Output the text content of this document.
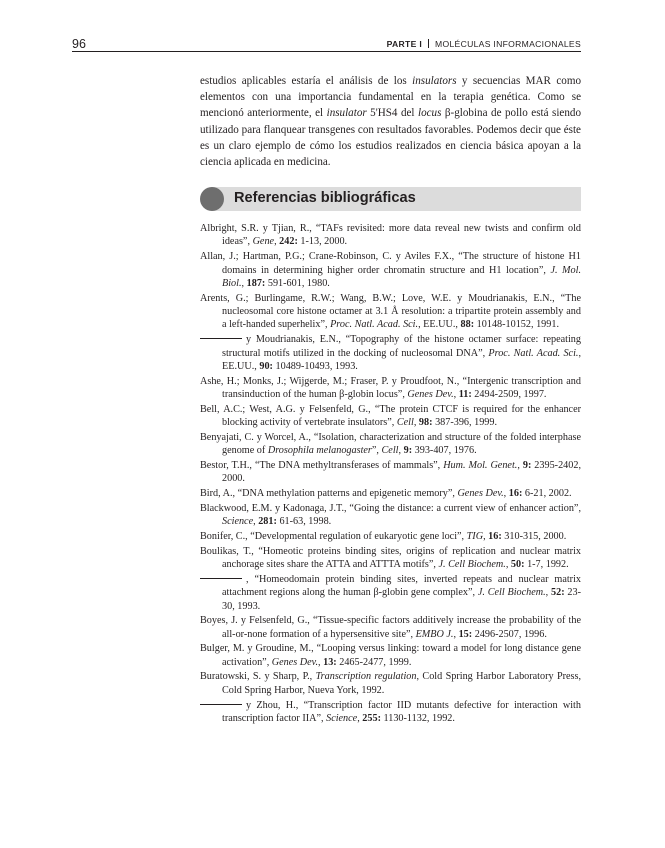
96	PARTE I MOLÉCULAS INFORMACIONALES

estudios aplicables estaría el análisis de los insulators y secuencias MAR como elementos con una importancia fundamental en la terapia genética. Como se mencionó anteriormente, el insulator 5'HS4 del locus β-globina de pollo está siendo utilizado para flanquear transgenes con resultados favorables. Podemos decir que éste es un claro ejemplo de cómo los estudios realizados en ciencia básica apoyan a la ciencia aplicada en medicina.

Referencias bibliográficas
Albright, S.R. y Tjian, R., “TAFs revisited: more data reveal new twists and confirm old ideas”, Gene, 242: 1-13, 2000.
Allan, J.; Hartman, P.G.; Crane-Robinson, C. y Aviles F.X., “The structure of histone H1 domains in determining higher order chromatin structure and H1 location”, J. Mol. Biol., 187: 591-601, 1980.
Arents, G.; Burlingame, R.W.; Wang, B.W.; Love, W.E. y Moudrianakis, E.N., “The nucleosomal core histone octamer at 3.1 Å resolution: a tripartite protein assembly and a left-handed superhelix”, Proc. Natl. Acad. Sci., EE.UU., 88: 10148-10152, 1991.
y Moudrianakis, E.N., “Topography of the histone octamer surface: repeating structural motifs utilized in the docking of nucleosomal DNA”, Proc. Natl. Acad. Sci., EE.UU., 90: 10489-10493, 1993.
Ashe, H.; Monks, J.; Wijgerde, M.; Fraser, P. y Proudfoot, N., “Intergenic transcription and transinduction of the human β-globin locus”, Genes Dev., 11: 2494-2509, 1997.
Bell, A.C.; West, A.G. y Felsenfeld, G., “The protein CTCF is required for the enhancer blocking activity of vertebrate insulators”, Cell, 98: 387-396, 1999.
Benyajati, C. y Worcel, A., “Isolation, characterization and structure of the folded interphase genome of Drosophila melanogaster”, Cell, 9: 393-407, 1976.
Bestor, T.H., “The DNA methyltransferases of mammals”, Hum. Mol. Genet., 9: 2395-2402, 2000.
Bird, A., “DNA methylation patterns and epigenetic memory”, Genes Dev., 16: 6-21, 2002.
Blackwood, E.M. y Kadonaga, J.T., “Going the distance: a current view of enhancer action”, Science, 281: 61-63, 1998.
Bonifer, C., “Developmental regulation of eukaryotic gene loci”, TIG, 16: 310-315, 2000.
Boulikas, T., “Homeotic proteins binding sites, origins of replication and nuclear matrix anchorage sites share the ATTA and ATTTA motifs”, J. Cell Biochem., 50: 1-7, 1992.
, “Homeodomain protein binding sites, inverted repeats and nuclear matrix attachment regions along the human β-globin gene complex”, J. Cell Biochem., 52: 23-30, 1993.
Boyes, J. y Felsenfeld, G., “Tissue-specific factors additively increase the probability of the all-or-none formation of a hypersensitive site”, EMBO J., 15: 2496-2507, 1996.
Bulger, M. y Groudine, M., “Looping versus linking: toward a model for long distance gene activation”, Genes Dev., 13: 2465-2477, 1999.
Buratowski, S. y Sharp, P., Transcription regulation, Cold Spring Harbor Laboratory Press, Cold Spring Harbor, Nueva York, 1992.
y Zhou, H., “Transcription factor IID mutants defective for interaction with transcription factor IIA”, Science, 255: 1130-1132, 1992.
